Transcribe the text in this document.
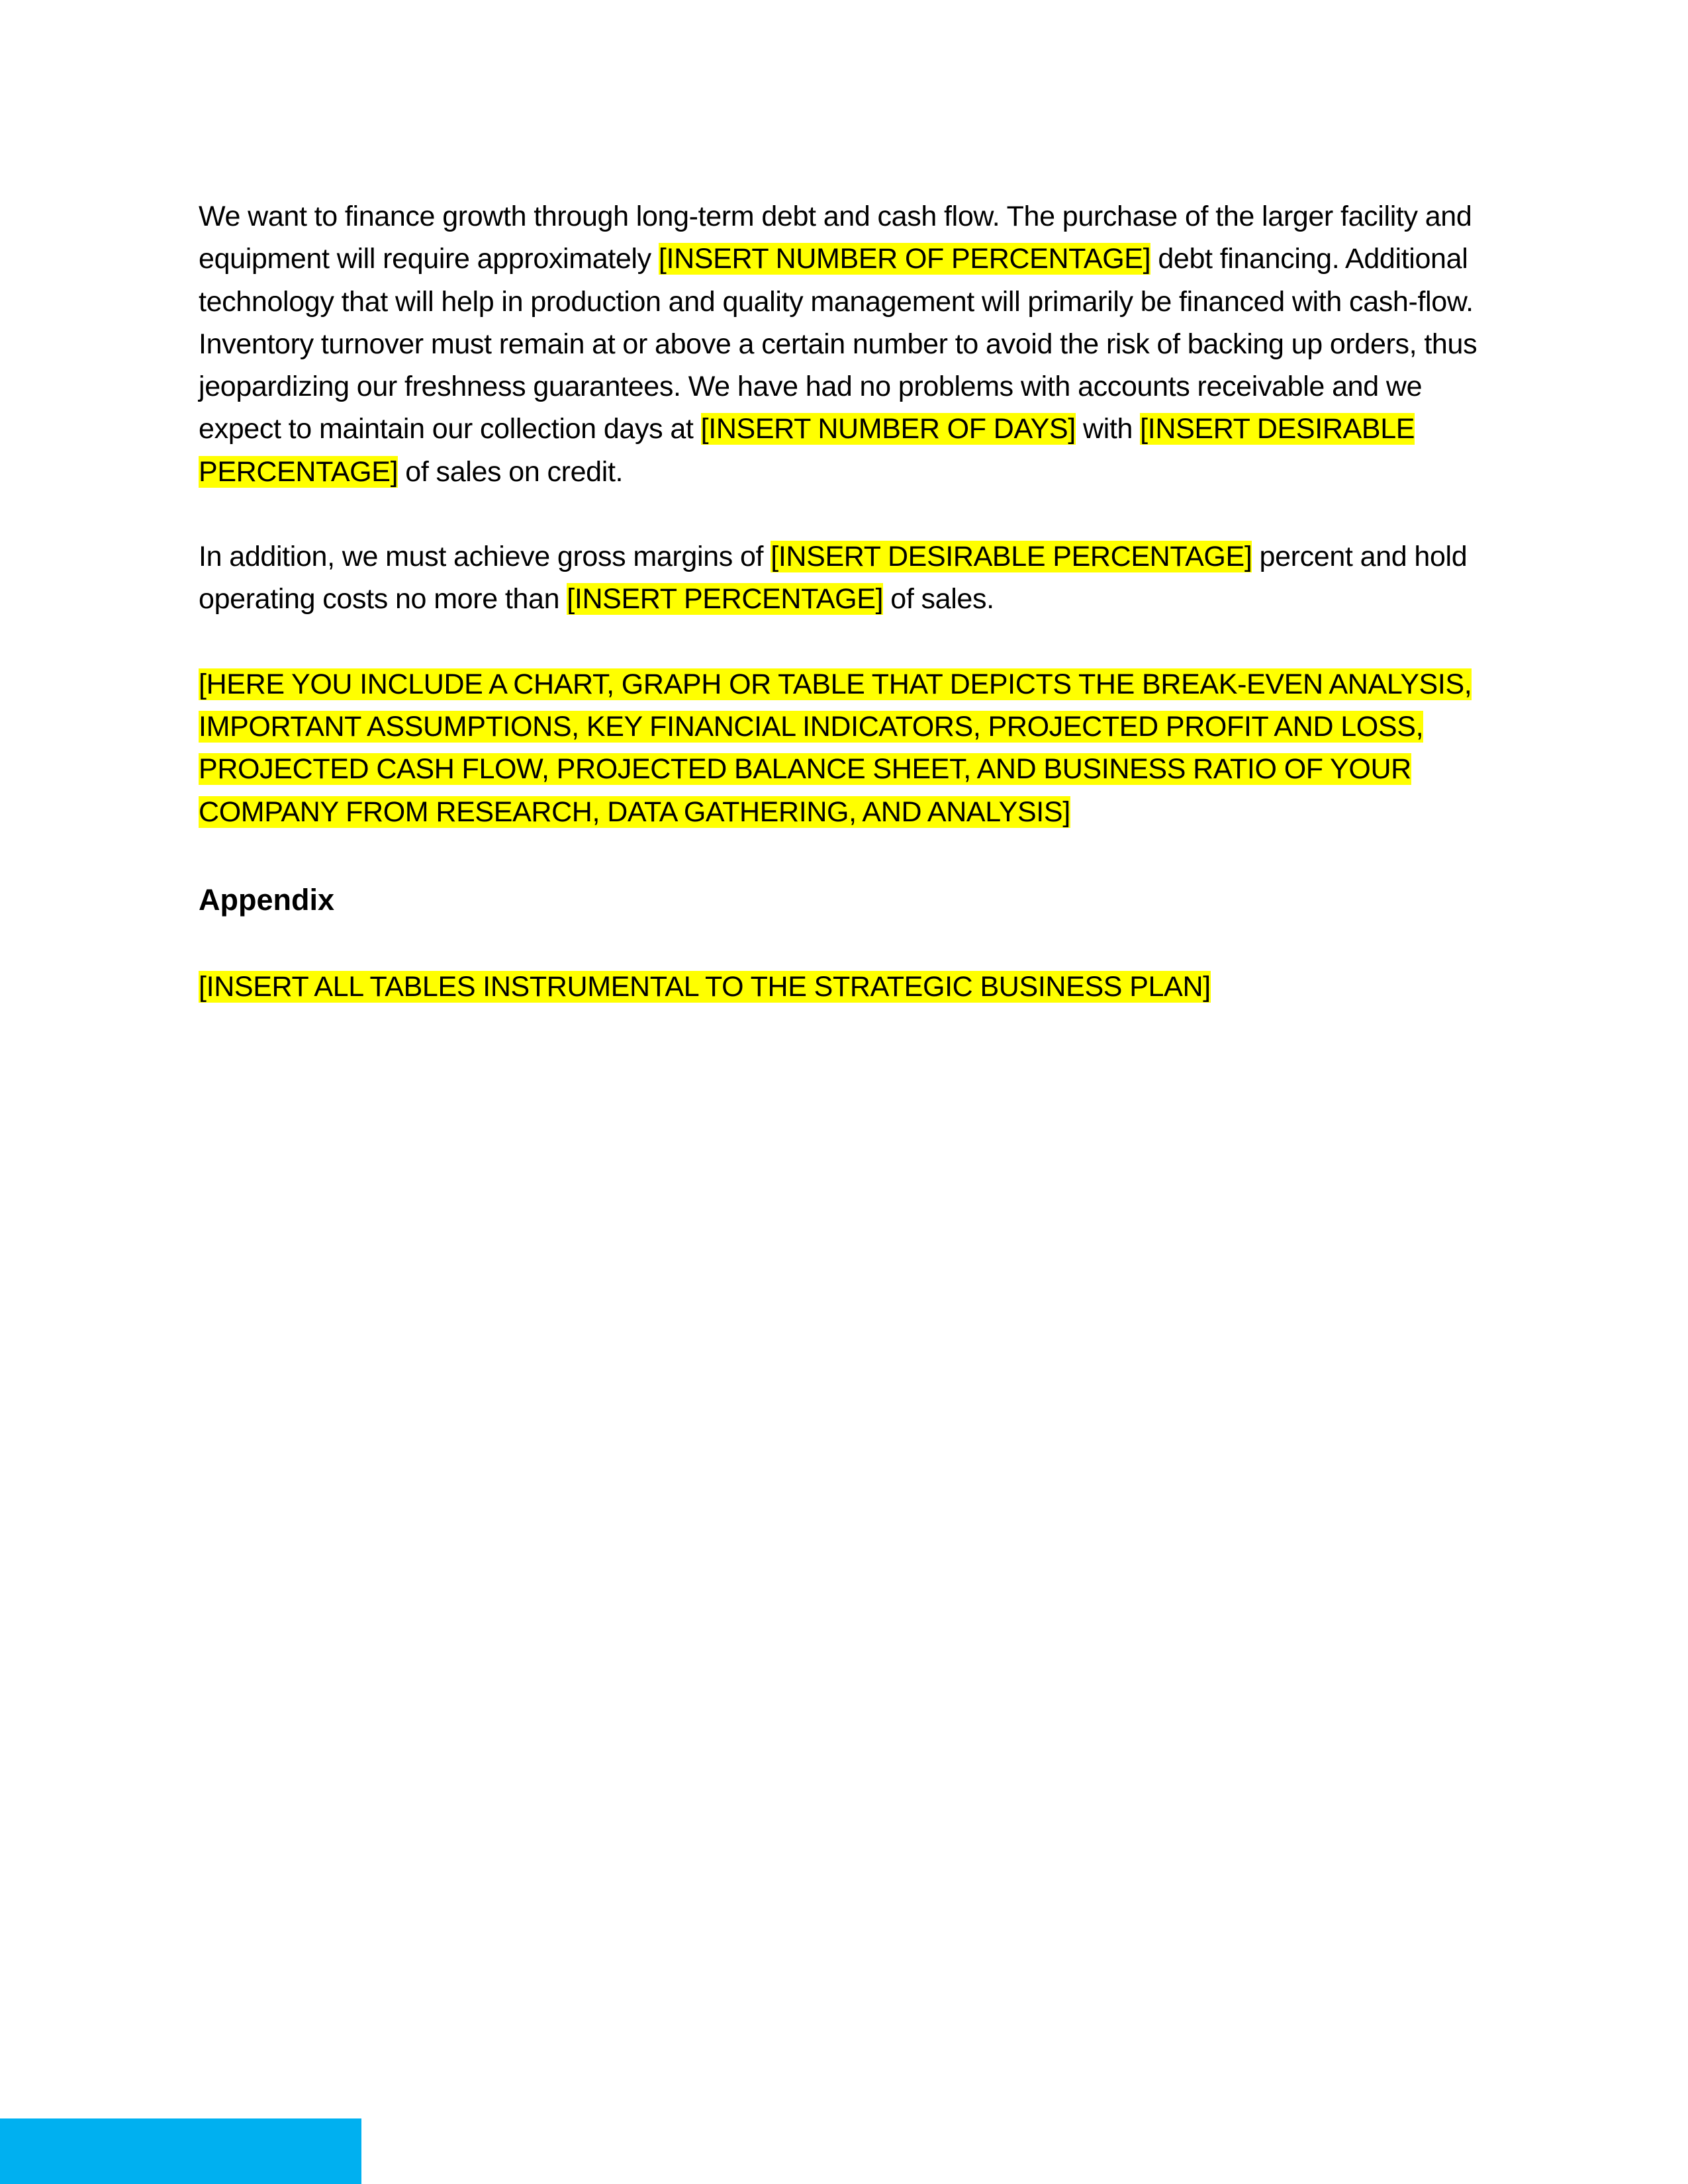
We want to finance growth through long-term debt and cash flow. The purchase of the larger facility and equipment will require approximately [INSERT NUMBER OF PERCENTAGE] debt financing. Additional technology that will help in production and quality management will primarily be financed with cash-flow. Inventory turnover must remain at or above a certain number to avoid the risk of backing up orders, thus jeopardizing our freshness guarantees. We have had no problems with accounts receivable and we expect to maintain our collection days at [INSERT NUMBER OF DAYS] with [INSERT DESIRABLE PERCENTAGE] of sales on credit.

In addition, we must achieve gross margins of [INSERT DESIRABLE PERCENTAGE] percent and hold operating costs no more than [INSERT PERCENTAGE] of sales.

[HERE YOU INCLUDE A CHART, GRAPH OR TABLE THAT DEPICTS THE BREAK-EVEN ANALYSIS, IMPORTANT ASSUMPTIONS, KEY FINANCIAL INDICATORS, PROJECTED PROFIT AND LOSS, PROJECTED CASH FLOW, PROJECTED BALANCE SHEET, AND BUSINESS RATIO OF YOUR COMPANY FROM RESEARCH, DATA GATHERING, AND ANALYSIS]

Appendix

[INSERT ALL TABLES INSTRUMENTAL TO THE STRATEGIC BUSINESS PLAN]
